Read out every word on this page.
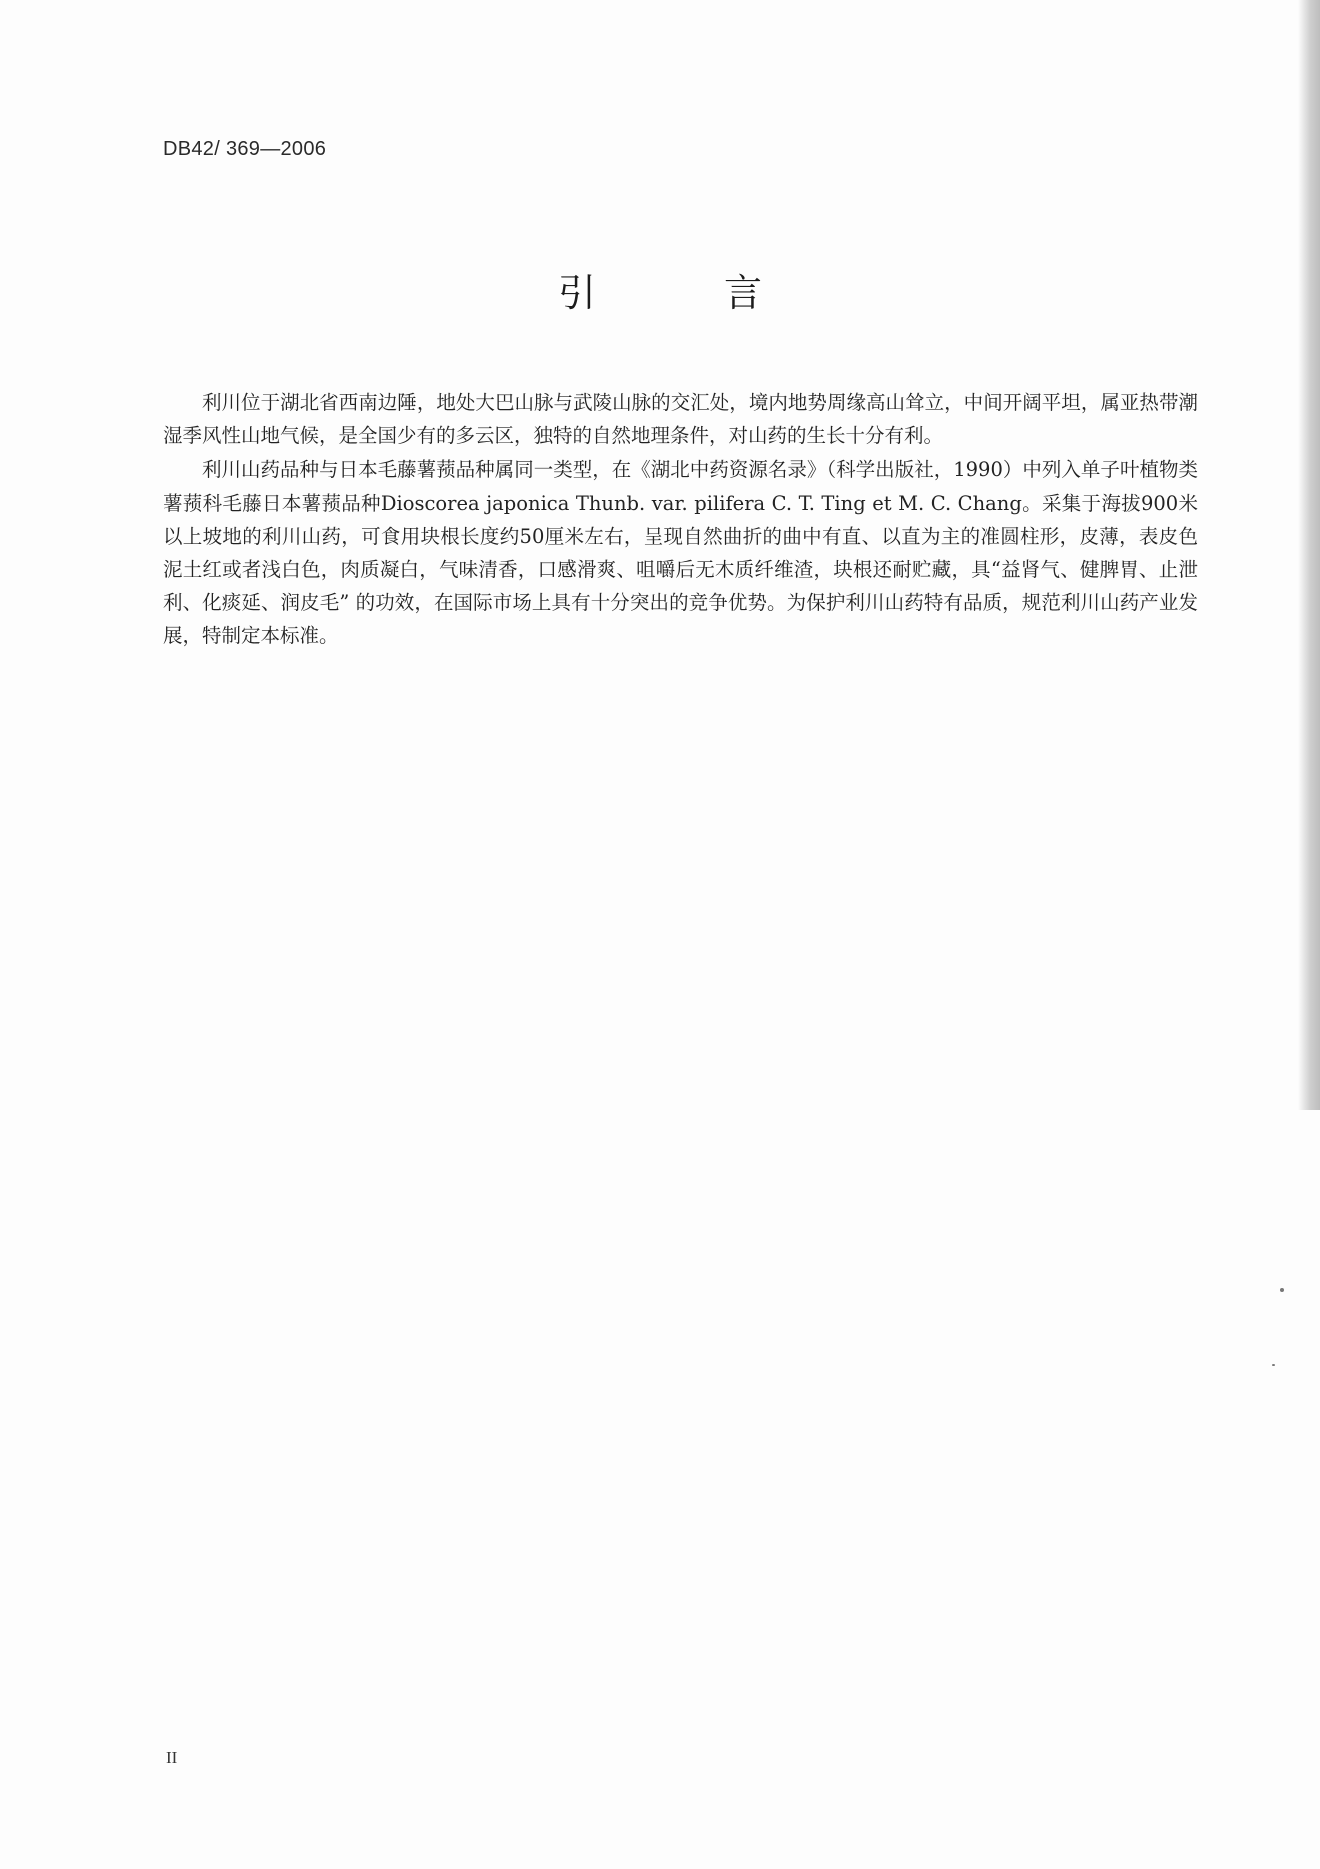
DB42/ 369—2006
引 言

利川位于湖北省西南边陲，地处大巴山脉与武陵山脉的交汇处，境内地势周缘高山耸立，中间开阔平坦，属亚热带潮湿季风性山地气候，是全国少有的多云区，独特的自然地理条件，对山药的生长十分有利。

利川山药品种与日本毛藤薯蓣品种属同一类型，在《湖北中药资源名录》（科学出版社，1990）中列入单子叶植物类薯蓣科毛藤日本薯蓣品种Dioscorea japonica Thunb. var. pilifera C. T. Ting et M. C. Chang。采集于海拔900米以上坡地的利川山药，可食用块根长度约50厘米左右，呈现自然曲折的曲中有直、以直为主的准圆柱形，皮薄，表皮色泥土红或者浅白色，肉质凝白，气味清香，口感滑爽、咀嚼后无木质纤维渣，块根还耐贮藏，具“益肾气、健脾胃、止泄利、化痰延、润皮毛” 的功效，在国际市场上具有十分突出的竞争优势。为保护利川山药特有品质，规范利川山药产业发展，特制定本标准。

II
